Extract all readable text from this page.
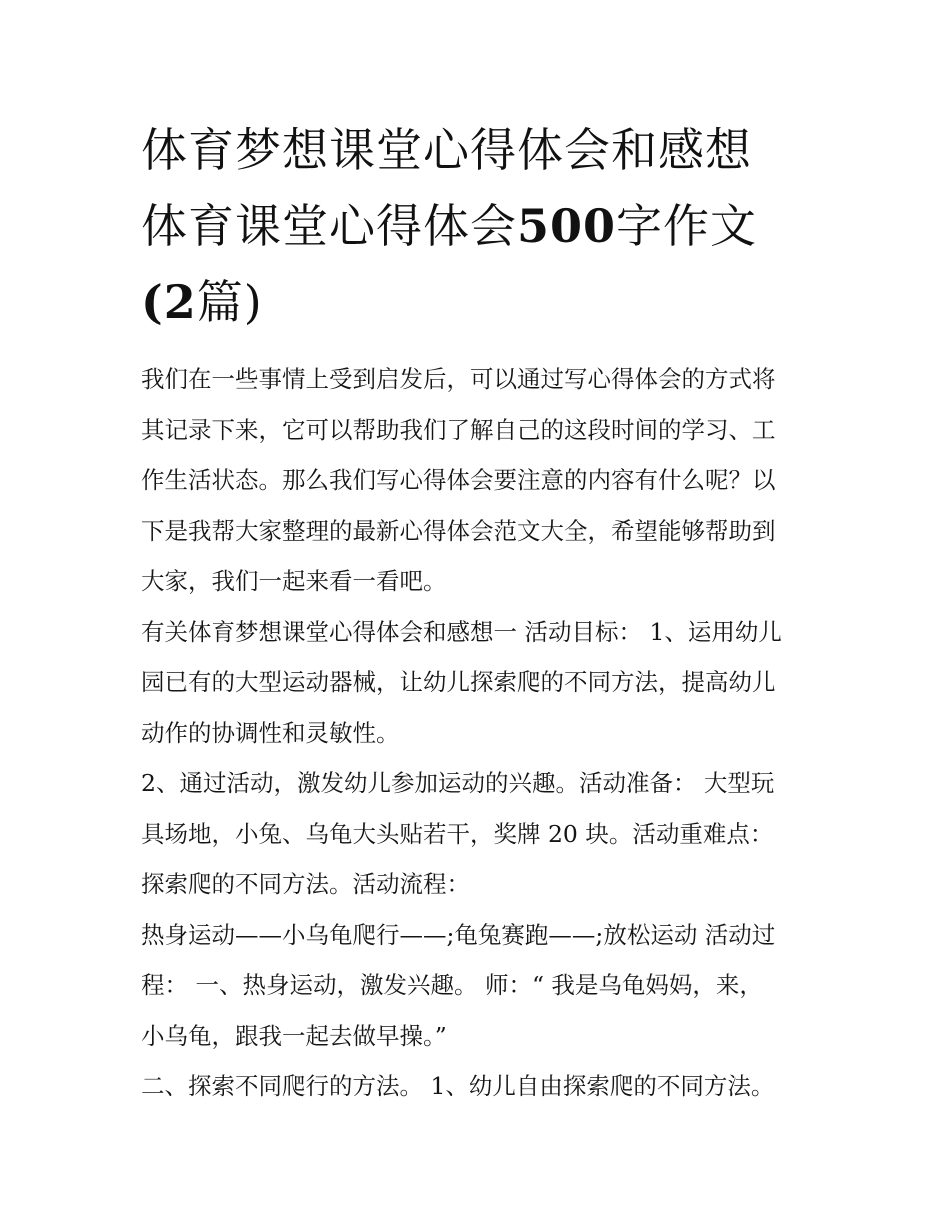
体育梦想课堂心得体会和感想
体育课堂心得体会500字作文
(2篇)

我们在一些事情上受到启发后，可以通过写心得体会的方式将
其记录下来，它可以帮助我们了解自己的这段时间的学习、工
作生活状态。那么我们写心得体会要注意的内容有什么呢？以
下是我帮大家整理的最新心得体会范文大全，希望能够帮助到
大家，我们一起来看一看吧。

有关体育梦想课堂心得体会和感想一 活动目标： 1、运用幼儿
园已有的大型运动器械，让幼儿探索爬的不同方法，提高幼儿
动作的协调性和灵敏性。

2、通过活动，激发幼儿参加运动的兴趣。活动准备： 大型玩
具场地，小兔、乌龟大头贴若干，奖牌 20 块。活动重难点：
探索爬的不同方法。活动流程：

热身运动——小乌龟爬行——;龟兔赛跑——;放松运动 活动过
程： 一、热身运动，激发兴趣。 师：“ 我是乌龟妈妈，来，
小乌龟，跟我一起去做早操。”

二、探索不同爬行的方法。 1、幼儿自由探索爬的不同方法。
